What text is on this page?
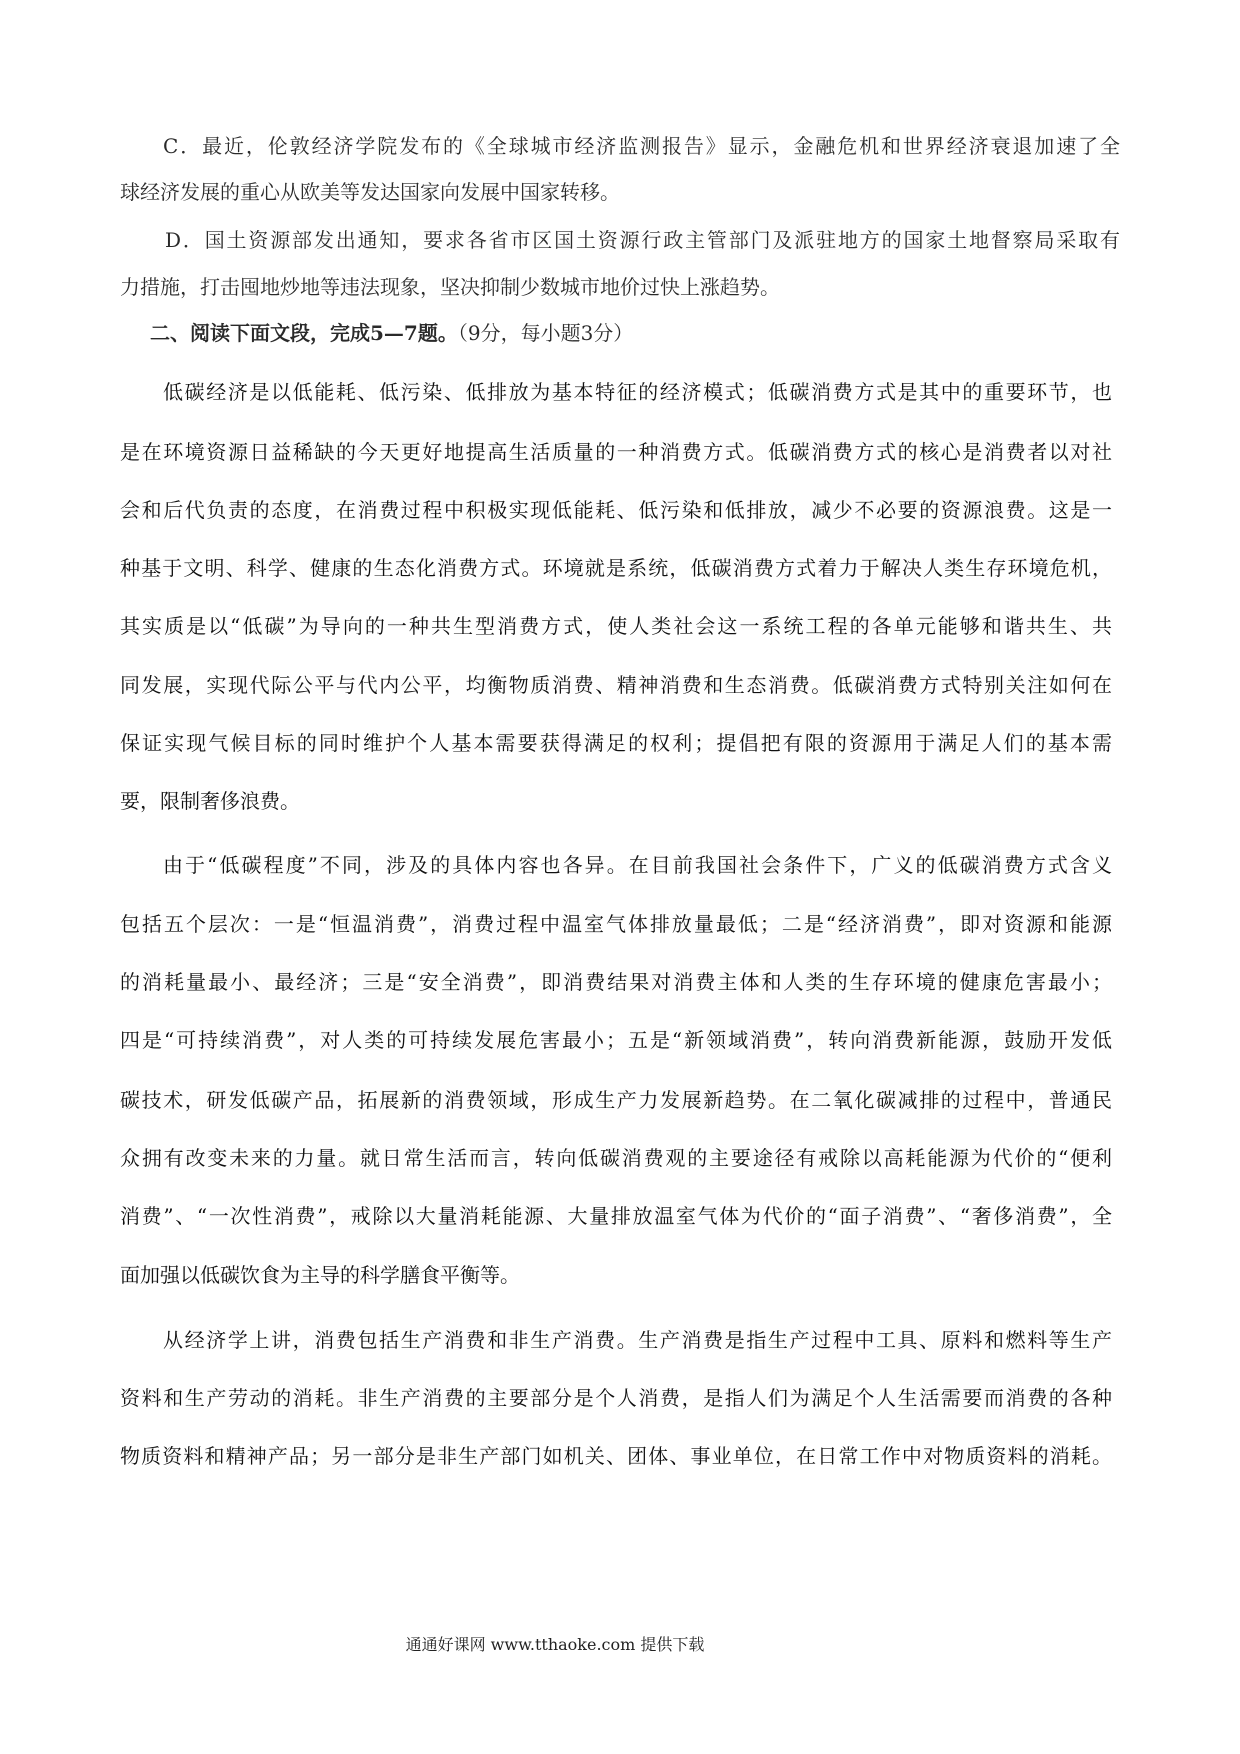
C．最近，伦敦经济学院发布的《全球城市经济监测报告》显示，金融危机和世界经济衰退加速了全
球经济发展的重心从欧美等发达国家向发展中国家转移。
D．国土资源部发出通知，要求各省市区国土资源行政主管部门及派驻地方的国家土地督察局采取有
力措施，打击囤地炒地等违法现象，坚决抑制少数城市地价过快上涨趋势。
二、阅读下面文段，完成5—7题。（9分，每小题3分）
低碳经济是以低能耗、低污染、低排放为基本特征的经济模式；低碳消费方式是其中的重要环节，也
是在环境资源日益稀缺的今天更好地提高生活质量的一种消费方式。低碳消费方式的核心是消费者以对社
会和后代负责的态度，在消费过程中积极实现低能耗、低污染和低排放，减少不必要的资源浪费。这是一
种基于文明、科学、健康的生态化消费方式。环境就是系统，低碳消费方式着力于解决人类生存环境危机，
其实质是以“低碳”为导向的一种共生型消费方式，使人类社会这一系统工程的各单元能够和谐共生、共
同发展，实现代际公平与代内公平，均衡物质消费、精神消费和生态消费。低碳消费方式特别关注如何在
保证实现气候目标的同时维护个人基本需要获得满足的权利；提倡把有限的资源用于满足人们的基本需
要，限制奢侈浪费。
由于“低碳程度”不同，涉及的具体内容也各异。在目前我国社会条件下，广义的低碳消费方式含义
包括五个层次：一是“恒温消费”，消费过程中温室气体排放量最低；二是“经济消费”，即对资源和能源
的消耗量最小、最经济；三是“安全消费”，即消费结果对消费主体和人类的生存环境的健康危害最小；
四是“可持续消费”，对人类的可持续发展危害最小；五是“新领域消费”，转向消费新能源，鼓励开发低
碳技术，研发低碳产品，拓展新的消费领域，形成生产力发展新趋势。在二氧化碳减排的过程中，普通民
众拥有改变未来的力量。就日常生活而言，转向低碳消费观的主要途径有戒除以高耗能源为代价的“便利
消费”、“一次性消费”，戒除以大量消耗能源、大量排放温室气体为代价的“面子消费”、“奢侈消费”，全
面加强以低碳饮食为主导的科学膳食平衡等。
从经济学上讲，消费包括生产消费和非生产消费。生产消费是指生产过程中工具、原料和燃料等生产
资料和生产劳动的消耗。非生产消费的主要部分是个人消费，是指人们为满足个人生活需要而消费的各种
物质资料和精神产品；另一部分是非生产部门如机关、团体、事业单位，在日常工作中对物质资料的消耗。
通通好课网 www.tthaoke.com 提供下载
